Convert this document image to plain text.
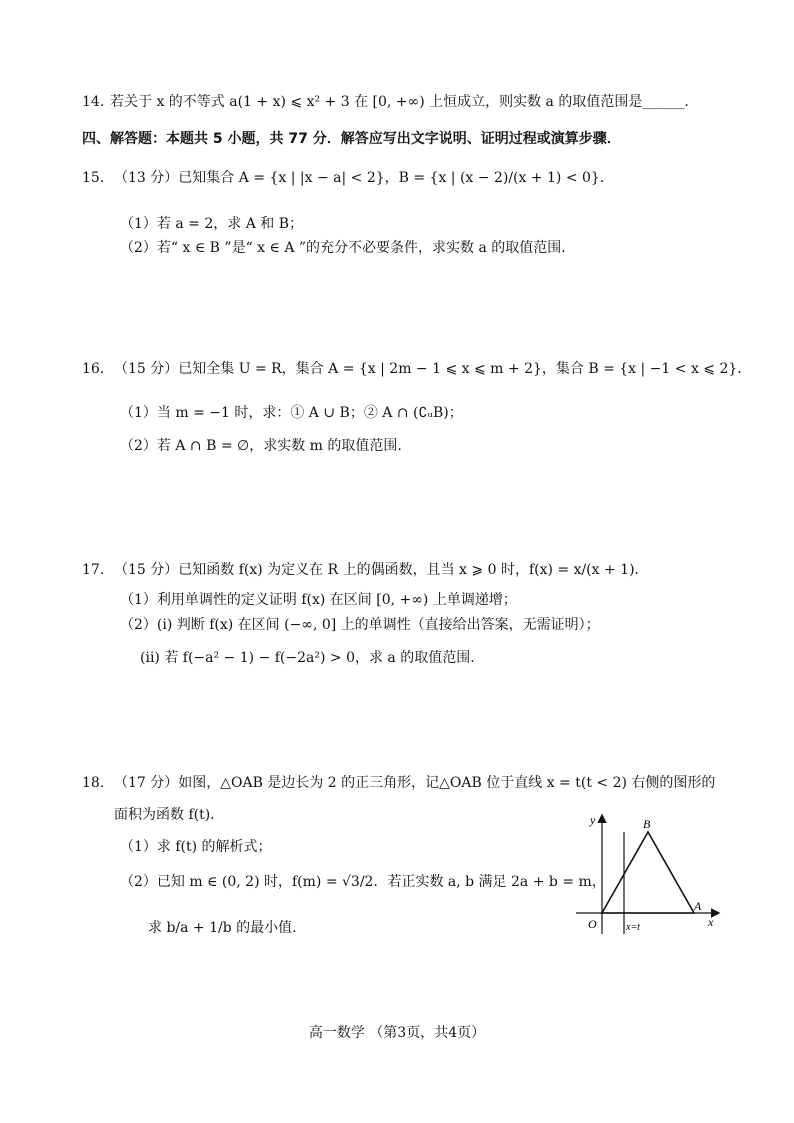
14. 若关于 x 的不等式 a(1 + x) ⩽ x² + 3 在 [0, +∞) 上恒成立，则实数 a 的取值范围是______.
四、解答题：本题共 5 小题，共 77 分．解答应写出文字说明、证明过程或演算步骤．
15. （13 分）已知集合 A = {x | |x − a| < 2}，B = {x | (x − 2)/(x + 1) < 0}．
（1）若 a = 2，求 A 和 B；
（2）若“ x ∈ B ”是“ x ∈ A ”的充分不必要条件，求实数 a 的取值范围.
16. （15 分）已知全集 U = R，集合 A = {x | 2m − 1 ⩽ x ⩽ m + 2}，集合 B = {x | −1 < x ⩽ 2}．
（1）当 m = −1 时，求：① A ∪ B；② A ∩ (∁ᵤB)；
（2）若 A ∩ B = ∅，求实数 m 的取值范围.
17. （15 分）已知函数 f(x) 为定义在 R 上的偶函数，且当 x ⩾ 0 时，f(x) = x/(x + 1)．
（1）利用单调性的定义证明 f(x) 在区间 [0, +∞) 上单调递增；
（2）(i) 判断 f(x) 在区间 (−∞, 0] 上的单调性（直接给出答案，无需证明）；
(ii) 若 f(−a² − 1) − f(−2a²) > 0，求 a 的取值范围.
18. （17 分）如图，△OAB 是边长为 2 的正三角形，记△OAB 位于直线 x = t(t < 2) 右侧的图形的
面积为函数 f(t)．
（1）求 f(t) 的解析式；
（2）已知 m ∈ (0, 2) 时，f(m) = √3/2．若正实数 a, b 满足 2a + b = m，
求 b/a + 1/b 的最小值.
y
x
O
A
B
x=t
高一数学 （第3页，共4页）
